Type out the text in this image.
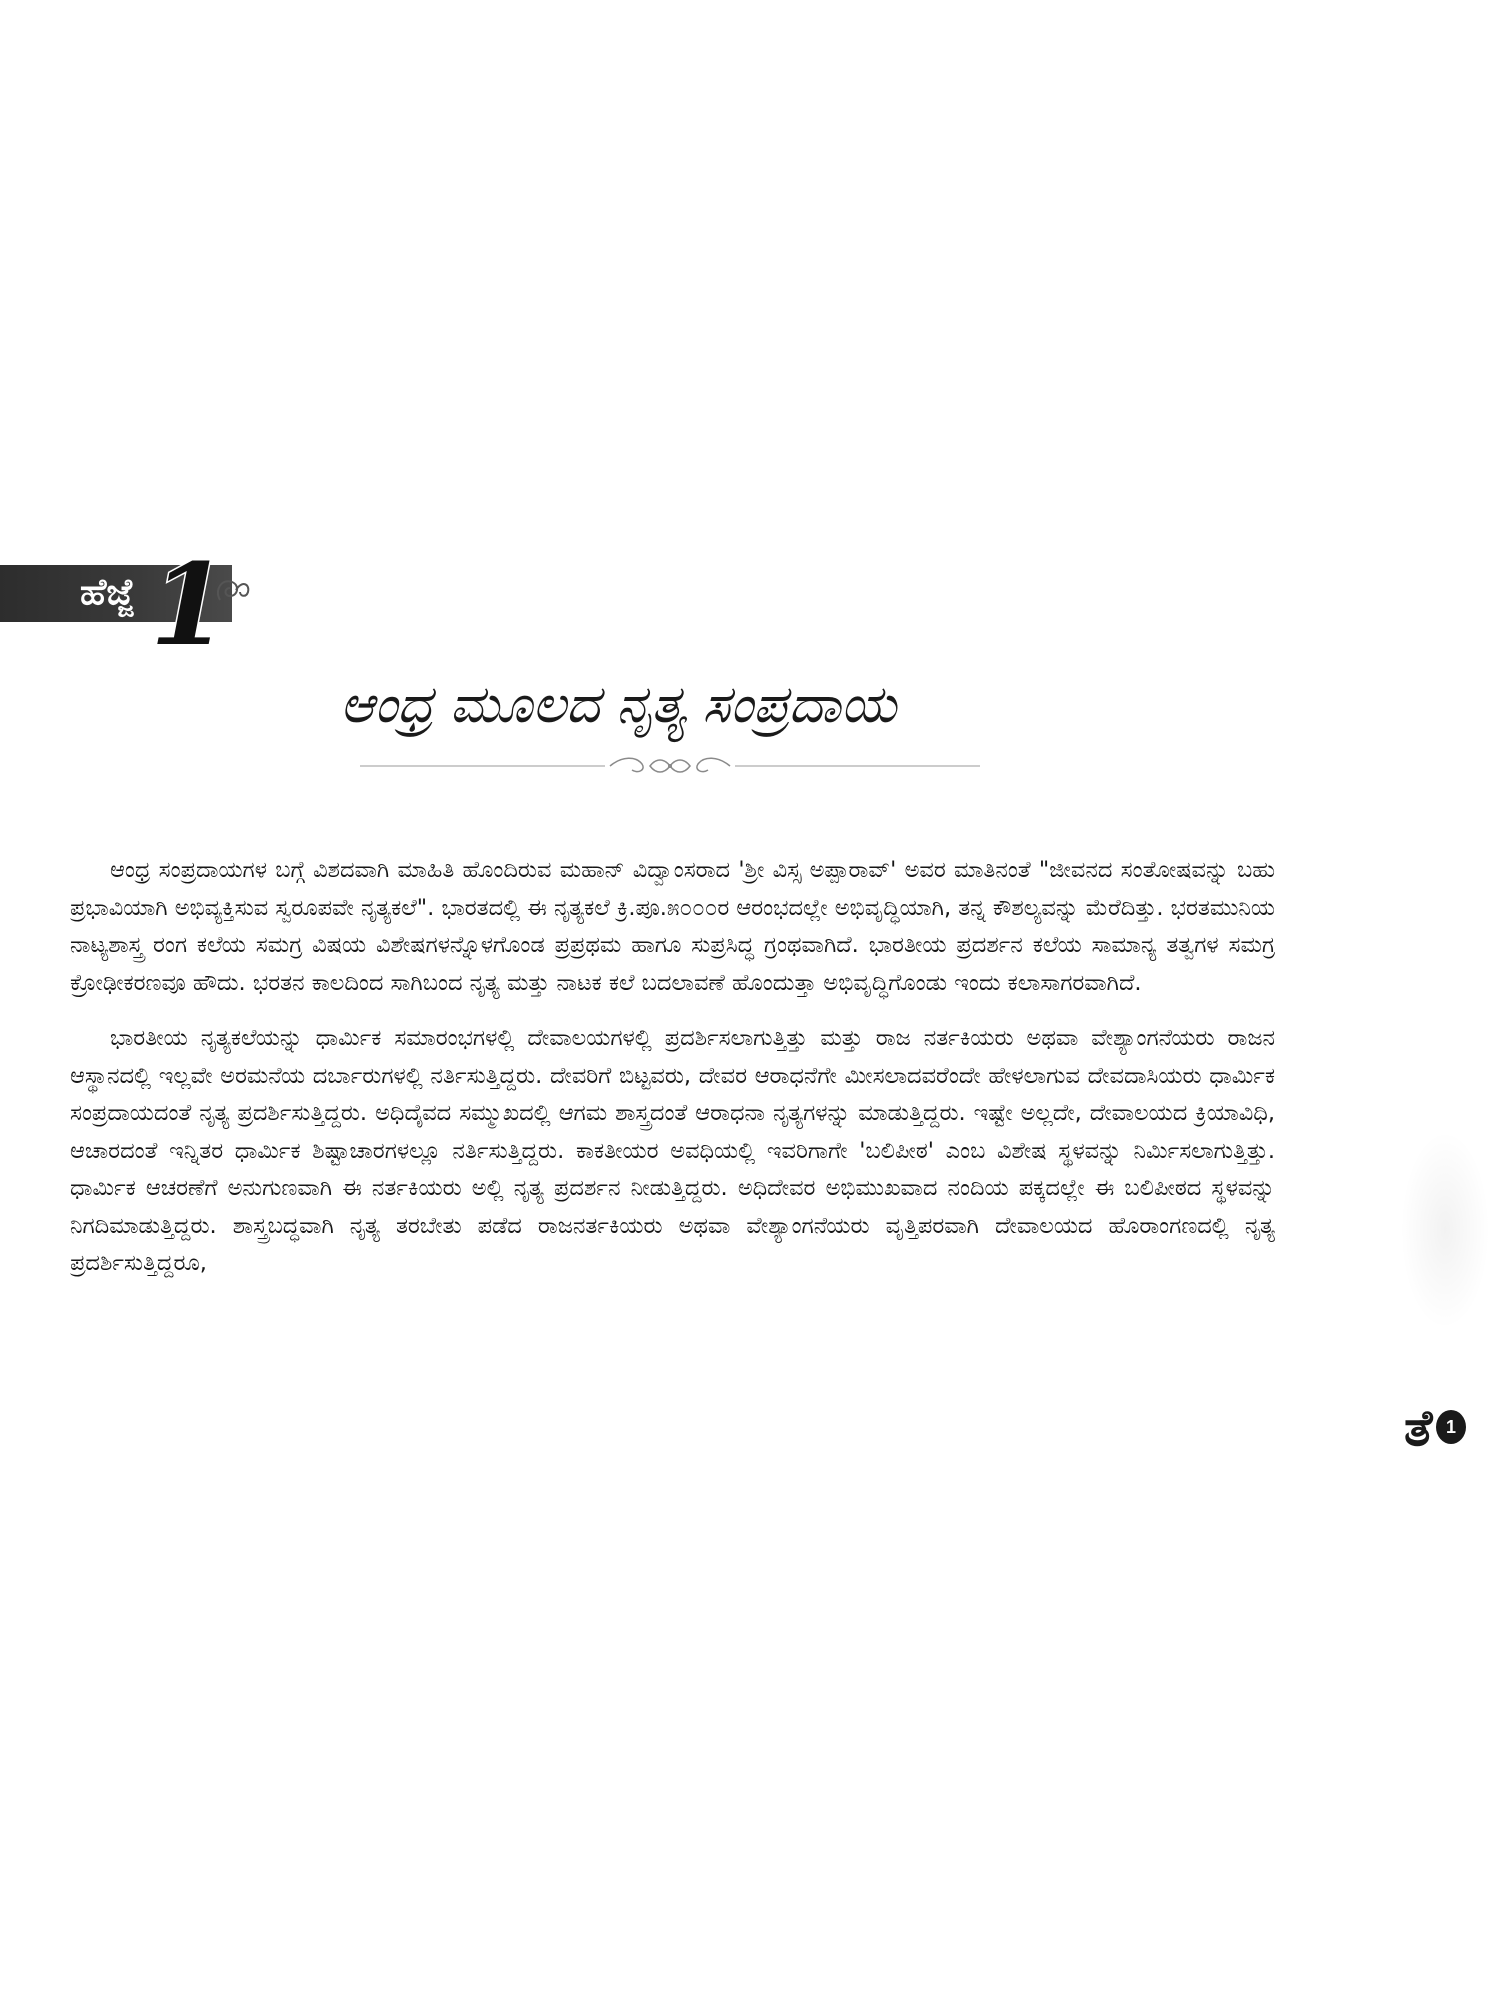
ಹೆಜ್ಜೆ 1
ಆಂಧ್ರ ಮೂಲದ ನೃತ್ಯ ಸಂಪ್ರದಾಯ

ಆಂಧ್ರ ಸಂಪ್ರದಾಯಗಳ ಬಗ್ಗೆ ವಿಶದವಾಗಿ ಮಾಹಿತಿ ಹೊಂದಿರುವ ಮಹಾನ್ ವಿದ್ವಾಂಸರಾದ 'ಶ್ರೀ ವಿಸ್ಸ ಅಪ್ಪಾರಾವ್' ಅವರ ಮಾತಿನಂತೆ "ಜೀವನದ ಸಂತೋಷವನ್ನು ಬಹು ಪ್ರಭಾವಿಯಾಗಿ ಅಭಿವ್ಯಕ್ತಿಸುವ ಸ್ವರೂಪವೇ ನೃತ್ಯಕಲೆ". ಭಾರತದಲ್ಲಿ ಈ ನೃತ್ಯಕಲೆ ಕ್ರಿ.ಪೂ.೫೦೦೦ರ ಆರಂಭದಲ್ಲೇ ಅಭಿವೃದ್ಧಿಯಾಗಿ, ತನ್ನ ಕೌಶಲ್ಯವನ್ನು ಮೆರೆದಿತ್ತು. ಭರತಮುನಿಯ ನಾಟ್ಯಶಾಸ್ತ್ರ ರಂಗ ಕಲೆಯ ಸಮಗ್ರ ವಿಷಯ ವಿಶೇಷಗಳನ್ನೊಳಗೊಂಡ ಪ್ರಪ್ರಥಮ ಹಾಗೂ ಸುಪ್ರಸಿದ್ಧ ಗ್ರಂಥವಾಗಿದೆ. ಭಾರತೀಯ ಪ್ರದರ್ಶನ ಕಲೆಯ ಸಾಮಾನ್ಯ ತತ್ವಗಳ ಸಮಗ್ರ ಕ್ರೋಢೀಕರಣವೂ ಹೌದು. ಭರತನ ಕಾಲದಿಂದ ಸಾಗಿಬಂದ ನೃತ್ಯ ಮತ್ತು ನಾಟಕ ಕಲೆ ಬದಲಾವಣೆ ಹೊಂದುತ್ತಾ ಅಭಿವೃದ್ಧಿಗೊಂಡು ಇಂದು ಕಲಾಸಾಗರವಾಗಿದೆ.

ಭಾರತೀಯ ನೃತ್ಯಕಲೆಯನ್ನು ಧಾರ್ಮಿಕ ಸಮಾರಂಭಗಳಲ್ಲಿ ದೇವಾಲಯಗಳಲ್ಲಿ ಪ್ರದರ್ಶಿಸಲಾಗುತ್ತಿತ್ತು ಮತ್ತು ರಾಜ ನರ್ತಕಿಯರು ಅಥವಾ ವೇಶ್ಯಾಂಗನೆಯರು ರಾಜನ ಆಸ್ಥಾನದಲ್ಲಿ ಇಲ್ಲವೇ ಅರಮನೆಯ ದರ್ಬಾರುಗಳಲ್ಲಿ ನರ್ತಿಸುತ್ತಿದ್ದರು. ದೇವರಿಗೆ ಬಿಟ್ಟವರು, ದೇವರ ಆರಾಧನೆಗೇ ಮೀಸಲಾದವರೆಂದೇ ಹೇಳಲಾಗುವ ದೇವದಾಸಿಯರು ಧಾರ್ಮಿಕ ಸಂಪ್ರದಾಯದಂತೆ ನೃತ್ಯ ಪ್ರದರ್ಶಿಸುತ್ತಿದ್ದರು. ಅಧಿದೈವದ ಸಮ್ಮುಖದಲ್ಲಿ ಆಗಮ ಶಾಸ್ತ್ರದಂತೆ ಆರಾಧನಾ ನೃತ್ಯಗಳನ್ನು ಮಾಡುತ್ತಿದ್ದರು. ಇಷ್ಟೇ ಅಲ್ಲದೇ, ದೇವಾಲಯದ ಕ್ರಿಯಾವಿಧಿ, ಆಚಾರದಂತೆ ಇನ್ನಿತರ ಧಾರ್ಮಿಕ ಶಿಷ್ಟಾಚಾರಗಳಲ್ಲೂ ನರ್ತಿಸುತ್ತಿದ್ದರು. ಕಾಕತೀಯರ ಅವಧಿಯಲ್ಲಿ ಇವರಿಗಾಗೇ 'ಬಲಿಪೀಠ' ಎಂಬ ವಿಶೇಷ ಸ್ಥಳವನ್ನು ನಿರ್ಮಿಸಲಾಗುತ್ತಿತ್ತು. ಧಾರ್ಮಿಕ ಆಚರಣೆಗೆ ಅನುಗುಣವಾಗಿ ಈ ನರ್ತಕಿಯರು ಅಲ್ಲಿ ನೃತ್ಯ ಪ್ರದರ್ಶನ ನೀಡುತ್ತಿದ್ದರು. ಅಧಿದೇವರ ಅಭಿಮುಖವಾದ ನಂದಿಯ ಪಕ್ಕದಲ್ಲೇ ಈ ಬಲಿಪೀಠದ ಸ್ಥಳವನ್ನು ನಿಗದಿಮಾಡುತ್ತಿದ್ದರು. ಶಾಸ್ತ್ರಬದ್ಧವಾಗಿ ನೃತ್ಯ ತರಬೇತು ಪಡೆದ ರಾಜನರ್ತಕಿಯರು ಅಥವಾ ವೇಶ್ಯಾಂಗನೆಯರು ವೃತ್ತಿಪರವಾಗಿ ದೇವಾಲಯದ ಹೊರಾಂಗಣದಲ್ಲಿ ನೃತ್ಯ ಪ್ರದರ್ಶಿಸುತ್ತಿದ್ದರೂ,

ತೆ 1
